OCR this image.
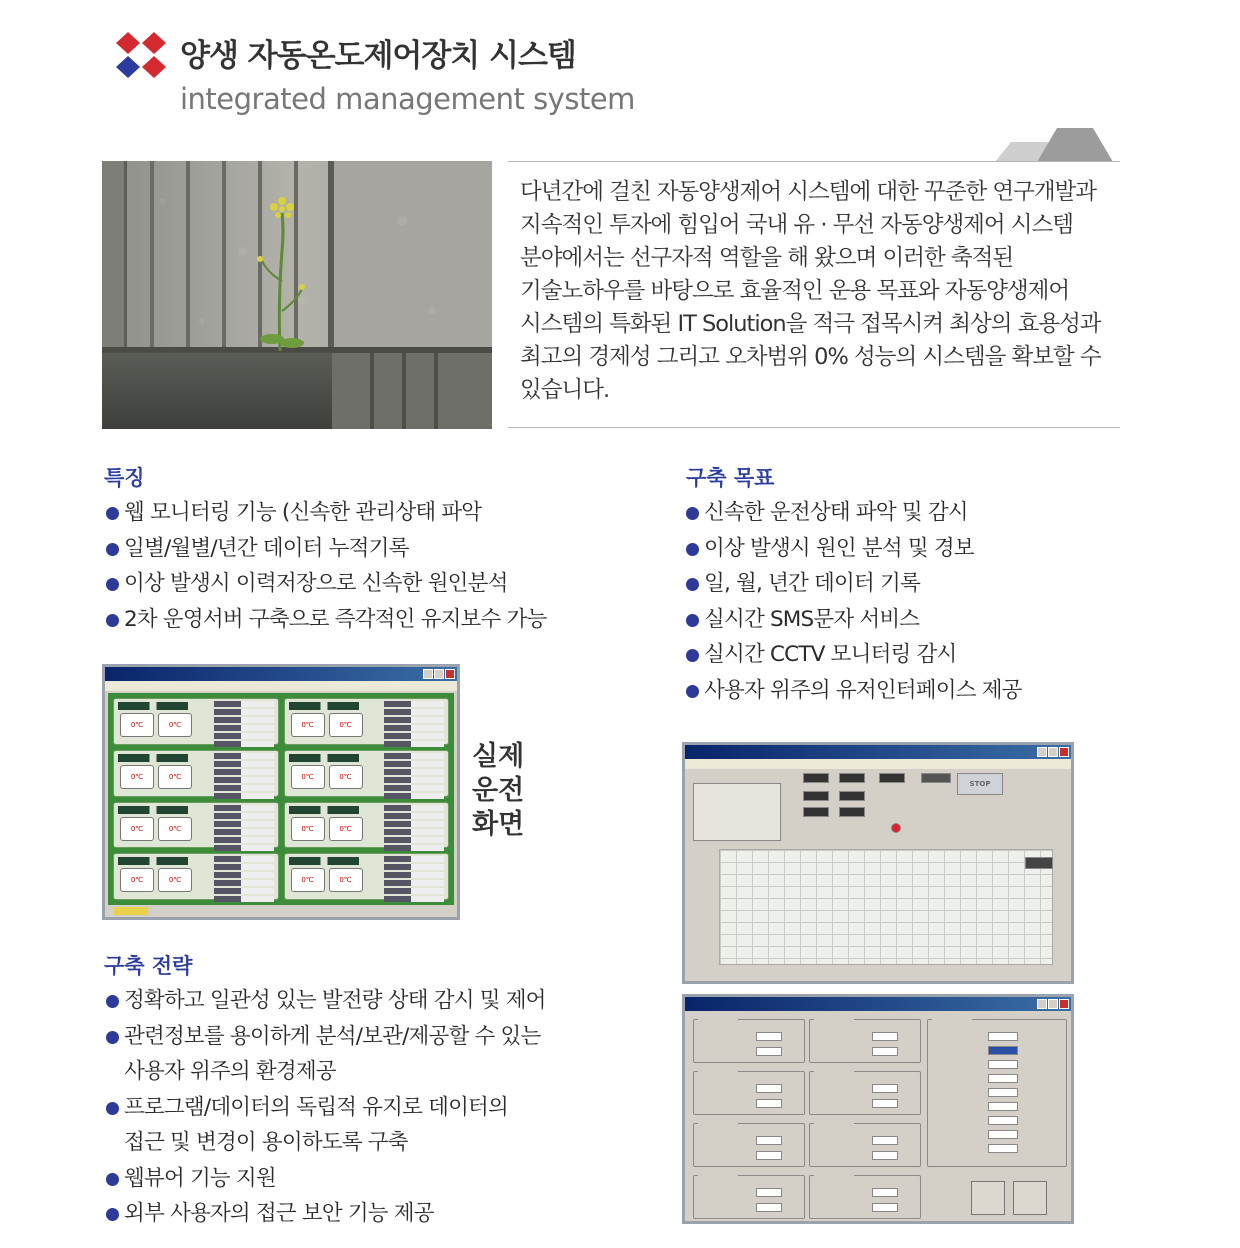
양생 자동온도제어장치 시스템
integrated management system
다년간에 걸친 자동양생제어 시스템에 대한 꾸준한 연구개발과 지속적인 투자에 힘입어 국내 유 · 무선 자동양생제어 시스템 분야에서는 선구자적 역할을 해 왔으며 이러한 축적된 기술노하우를 바탕으로 효율적인 운용 목표와 자동양생제어 시스템의 특화된 IT Solution을 적극 접목시켜 최상의 효용성과 최고의 경제성 그리고 오차범위 0% 성능의 시스템을 확보할 수 있습니다.
특징
웹 모니터링 기능 (신속한 관리상태 파악
일별/월별/년간 데이터 누적기록
이상 발생시 이력저장으로 신속한 원인분석
2차 운영서버 구축으로 즉각적인 유지보수 가능
구축 목표
신속한 운전상태 파악 및 감시
이상 발생시 원인 분석 및 경보
일, 월, 년간 데이터 기록
실시간 SMS문자 서비스
실시간 CCTV 모니터링 감시
사용자 위주의 유저인터페이스 제공
0℃	0℃	0℃	0℃
0℃	0℃	0℃	0℃
0℃	0℃	0℃	0℃
0℃	0℃	0℃	0℃
실제
운전
화면
STOP
구축 전략
정확하고 일관성 있는 발전량 상태 감시 및 제어
관련정보를 용이하게 분석/보관/제공할 수 있는
사용자 위주의 환경제공
프로그램/데이터의 독립적 유지로 데이터의
접근 및 변경이 용이하도록 구축
웹뷰어 기능 지원
외부 사용자의 접근 보안 기능 제공
